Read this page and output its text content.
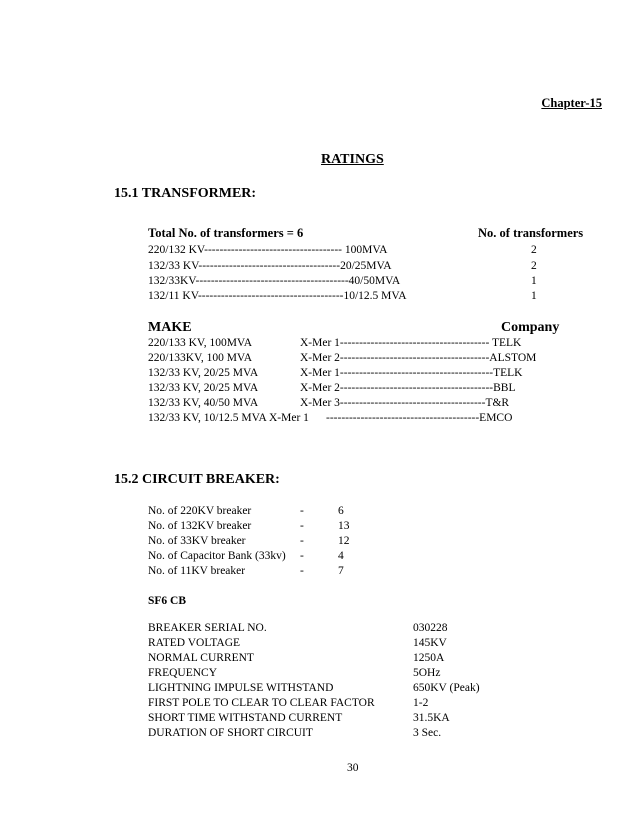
Chapter-15
RATINGS
15.1 TRANSFORMER:
Total No. of transformers = 6	No. of transformers
220/132 KV------------------------------------ 100MVA	2
132/33 KV-------------------------------------20/25MVA	2
132/33KV----------------------------------------40/50MVA	1
132/11 KV--------------------------------------10/12.5 MVA	1
MAKE	Company
220/133 KV, 100MVA	X-Mer 1--------------------------------------- TELK
220/133KV, 100 MVA	X-Mer 2---------------------------------------ALSTOM
132/33 KV, 20/25 MVA	X-Mer 1----------------------------------------TELK
132/33 KV, 20/25 MVA	X-Mer 2----------------------------------------BBL
132/33 KV, 40/50 MVA	X-Mer 3--------------------------------------T&R
132/33 KV, 10/12.5 MVA X-Mer 1 ----------------------------------------EMCO
15.2 CIRCUIT BREAKER:
No. of 220KV breaker	-	6
No. of 132KV breaker	-	13
No. of 33KV breaker	-	12
No. of Capacitor Bank (33kv) -	4
No. of 11KV breaker	-	7
SF6 CB
BREAKER SERIAL NO.	030228
RATED VOLTAGE	145KV
NORMAL CURRENT	1250A
FREQUENCY	5OHz
LIGHTNING IMPULSE WITHSTAND	650KV (Peak)
FIRST POLE TO CLEAR TO CLEAR FACTOR	1-2
SHORT TIME WITHSTAND CURRENT	31.5KA
DURATION OF SHORT CIRCUIT	3 Sec.
30
